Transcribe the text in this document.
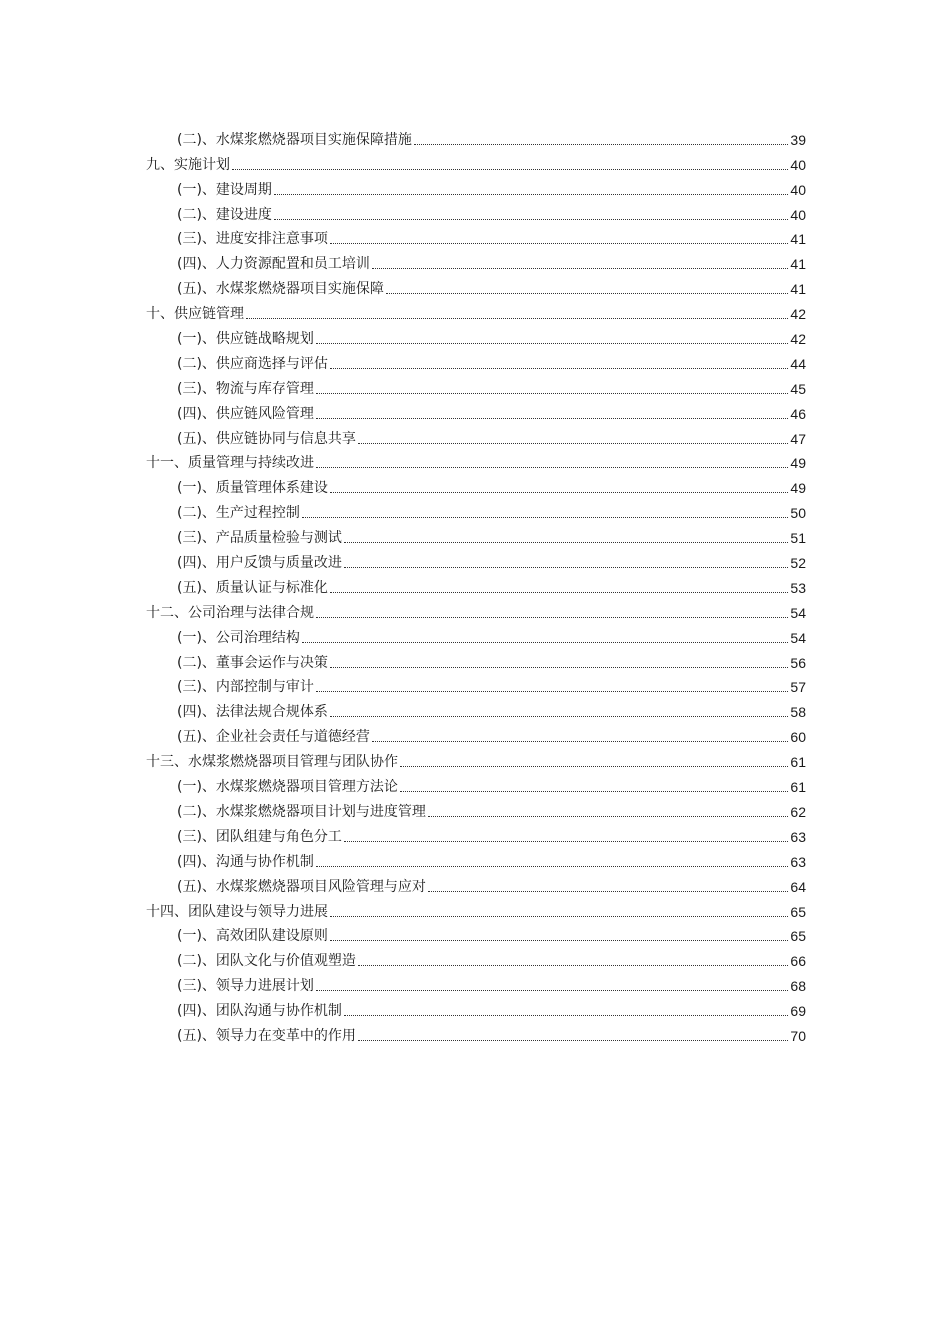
(二)、水煤浆燃烧器项目实施保障措施	39
九、实施计划	40
(一)、建设周期	40
(二)、建设进度	40
(三)、进度安排注意事项	41
(四)、人力资源配置和员工培训	41
(五)、水煤浆燃烧器项目实施保障	41
十、供应链管理	42
(一)、供应链战略规划	42
(二)、供应商选择与评估	44
(三)、物流与库存管理	45
(四)、供应链风险管理	46
(五)、供应链协同与信息共享	47
十一、质量管理与持续改进	49
(一)、质量管理体系建设	49
(二)、生产过程控制	50
(三)、产品质量检验与测试	51
(四)、用户反馈与质量改进	52
(五)、质量认证与标准化	53
十二、公司治理与法律合规	54
(一)、公司治理结构	54
(二)、董事会运作与决策	56
(三)、内部控制与审计	57
(四)、法律法规合规体系	58
(五)、企业社会责任与道德经营	60
十三、水煤浆燃烧器项目管理与团队协作	61
(一)、水煤浆燃烧器项目管理方法论	61
(二)、水煤浆燃烧器项目计划与进度管理	62
(三)、团队组建与角色分工	63
(四)、沟通与协作机制	63
(五)、水煤浆燃烧器项目风险管理与应对	64
十四、团队建设与领导力进展	65
(一)、高效团队建设原则	65
(二)、团队文化与价值观塑造	66
(三)、领导力进展计划	68
(四)、团队沟通与协作机制	69
(五)、领导力在变革中的作用	70
